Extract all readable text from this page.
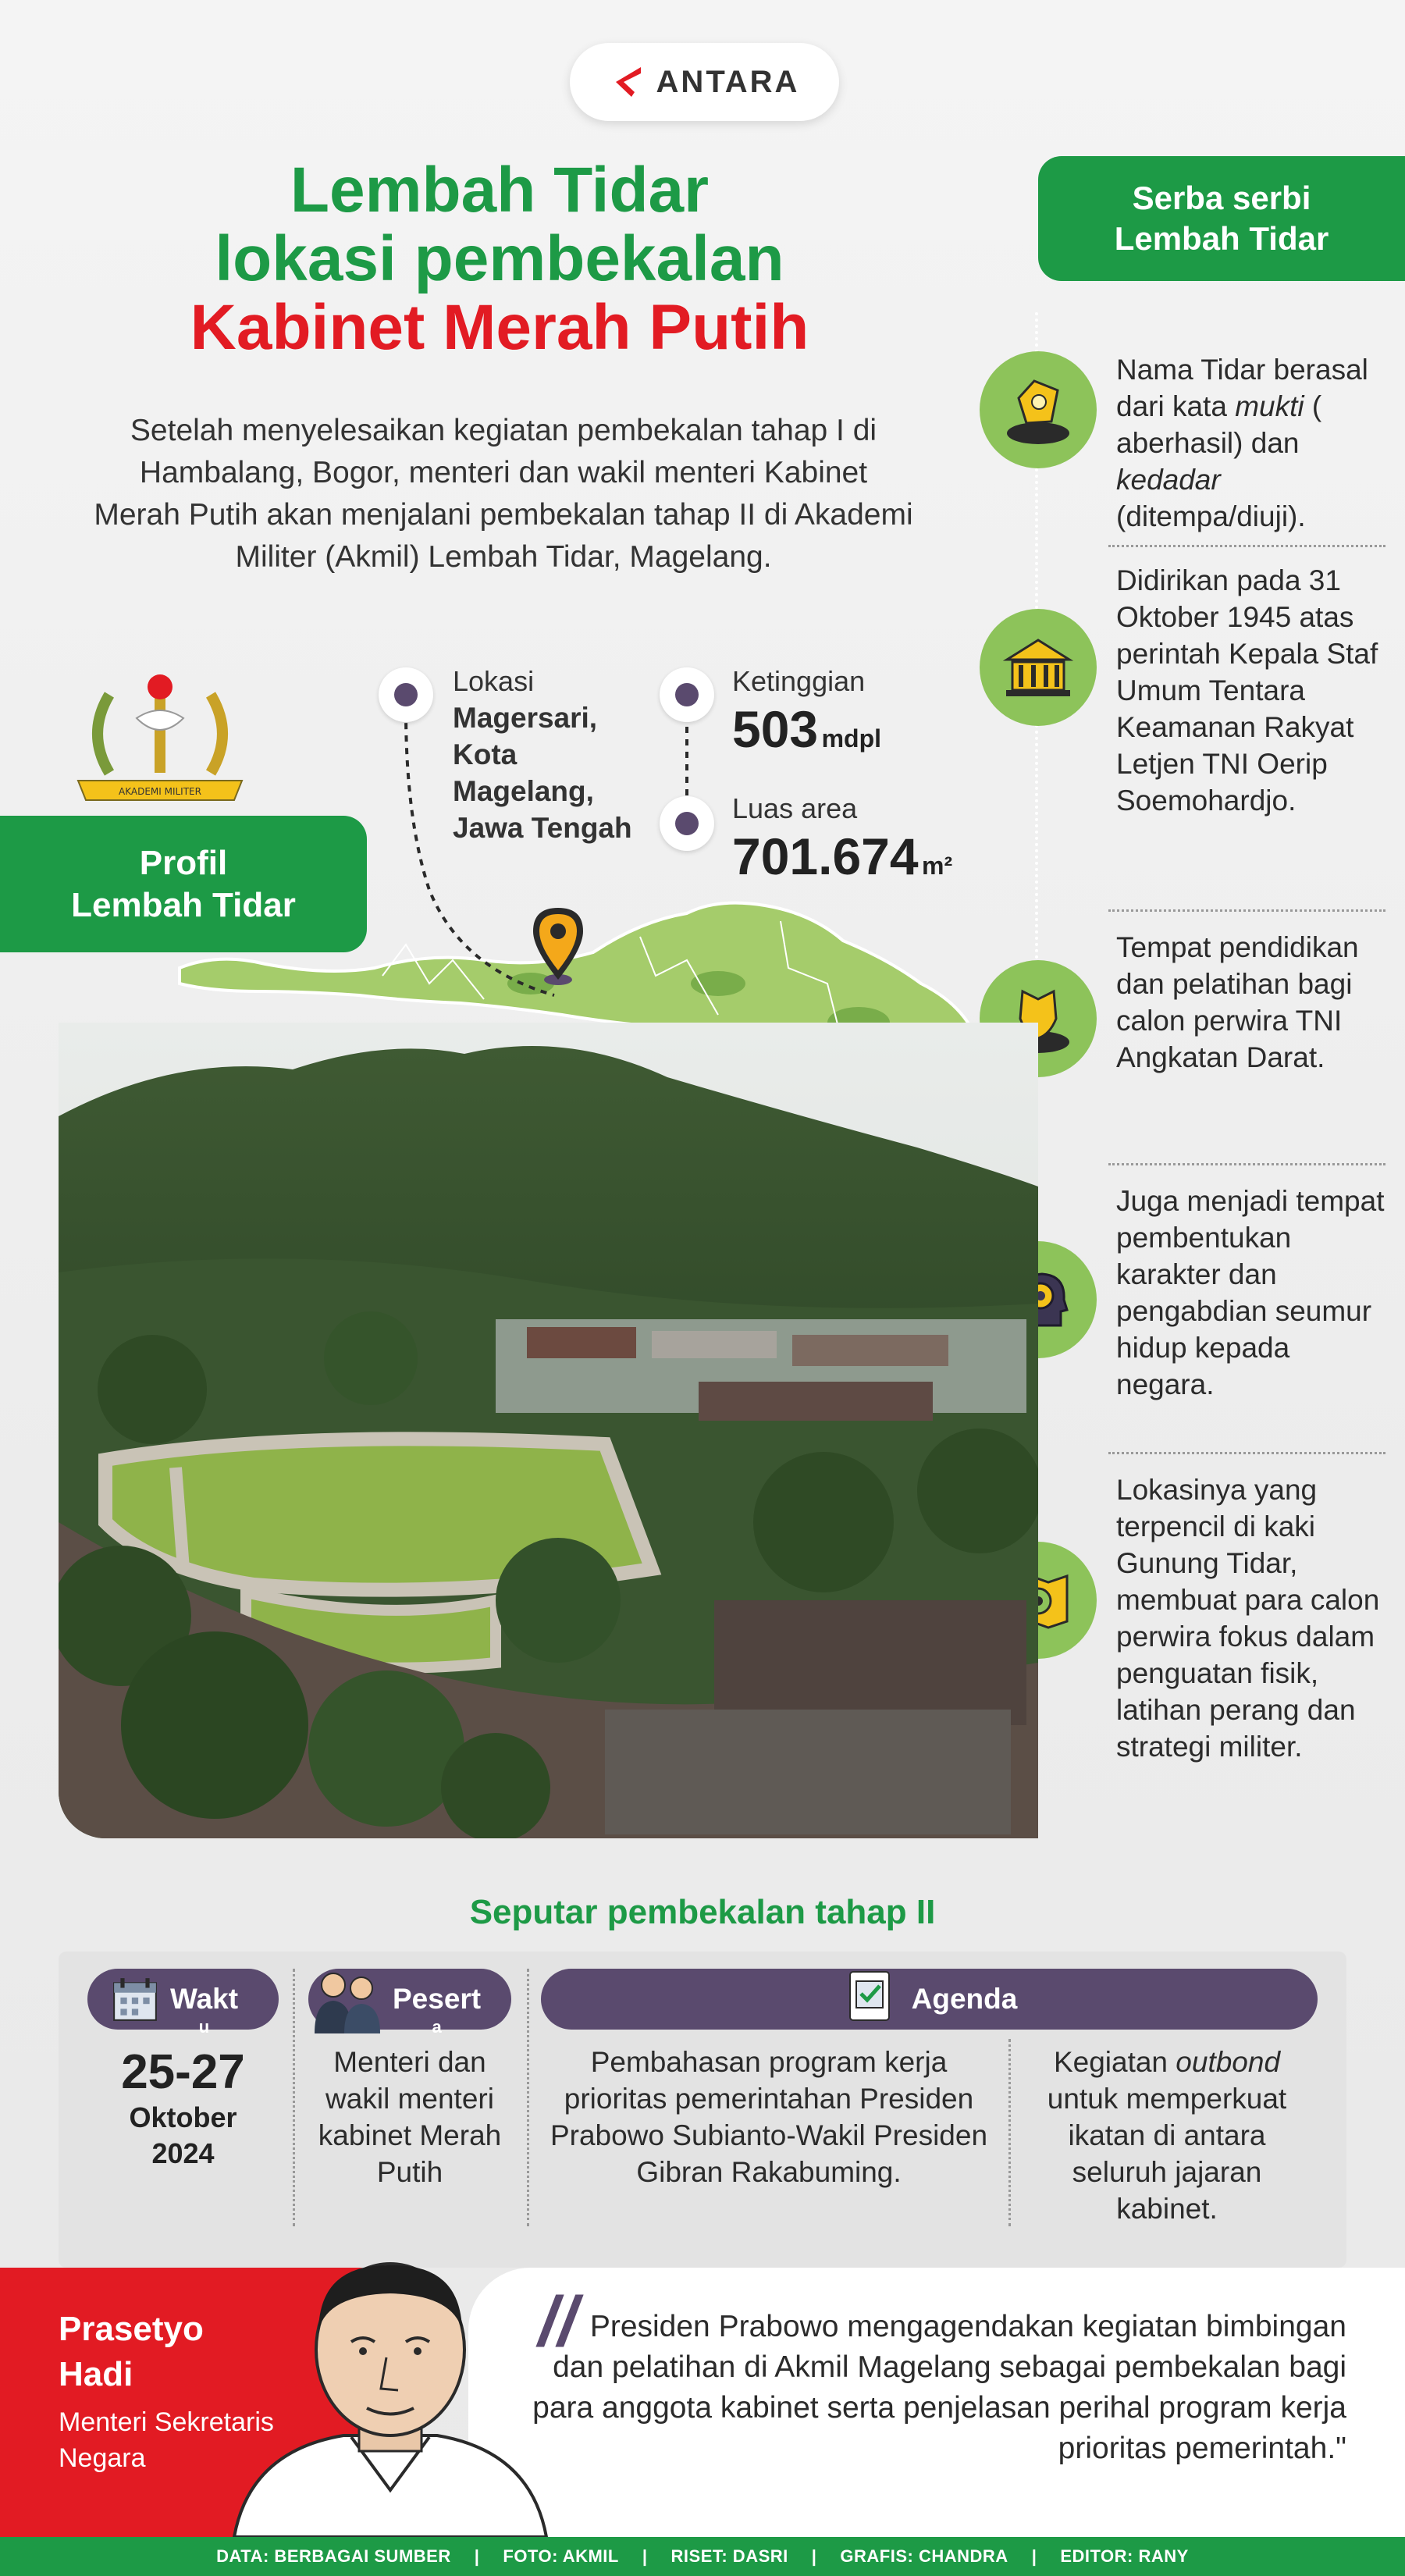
ANTARA
Lembah Tidar
lokasi pembekalan
Kabinet Merah Putih
Setelah menyelesaikan kegiatan pembekalan tahap I di Hambalang, Bogor, menteri dan wakil menteri Kabinet Merah Putih akan menjalani pembekalan tahap II di Akademi Militer (Akmil) Lembah Tidar, Magelang.
Serba serbi
Lembah Tidar
Nama Tidar berasal dari kata mukti ( aberhasil) dan kedadar (ditempa/diuji).
Didirikan pada 31 Oktober 1945 atas perintah Kepala Staf Umum Tentara Keamanan Rakyat Letjen TNI Oerip Soemohardjo.
Tempat pendidikan dan pelatihan bagi calon perwira TNI Angkatan Darat.
Juga menjadi tempat pembentukan karakter dan pengabdian seumur hidup kepada negara.
Lokasinya yang terpencil di kaki Gunung Tidar, membuat para calon perwira fokus dalam penguatan fisik, latihan perang dan strategi militer.
AKADEMI MILITER
Profil
Lembah Tidar
Lokasi
Magersari,
Kota
Magelang,
Jawa Tengah
Ketinggian
503 mdpl
Luas area
701.674 m²
Seputar pembekalan tahap II
Wakt
u
25-27
Oktober
2024
Pesert
a
Menteri dan wakil menteri kabinet Merah Putih
Agenda
Pembahasan program kerja prioritas pemerintahan Presiden Prabowo Subianto-Wakil Presiden
Gibran Rakabuming.
Kegiatan outbond untuk memperkuat ikatan di antara seluruh jajaran kabinet.
Prasetyo
Hadi
Menteri Sekretaris Negara
// Presiden Prabowo mengagendakan kegiatan bimbingan dan pelatihan di Akmil Magelang sebagai pembekalan bagi para anggota kabinet serta penjelasan perihal program kerja prioritas pemerintah."
DATA: BERBAGAI SUMBER | FOTO: AKMIL | RISET: DASRI | GRAFIS: CHANDRA | EDITOR: RANY
